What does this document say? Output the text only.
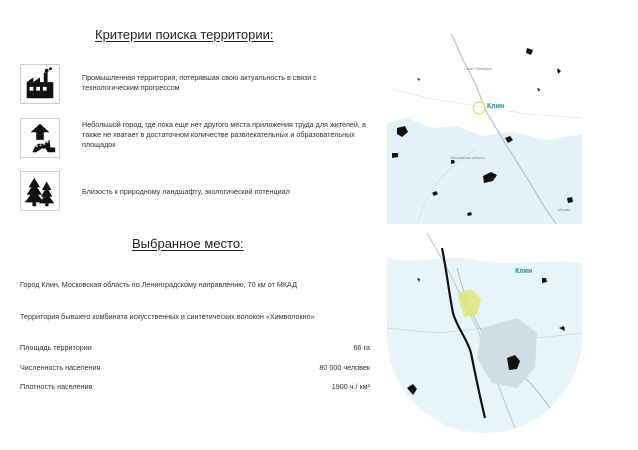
Критерии поиска территории:
Промышленная территория, потерявшая свою актуальность в связи с технологическим прогрессом
Небольшой город, где пока еще нет другого места приложения труда для жителей, а также не хватает в достаточном количестве развлекательных и образовательных площадок
Близость к природному ландшафту, экологический потенциал
Выбранное место:
Город Клин, Московская область по Ленинградскому направлению, 70 км от МКАД
Территория бывшего комбината искусственных и синтетических волокон «Химволокно»
Площадь территории	66 га
Численность населения	80 000 человек
Плотность населения	1900 ч./ км²
Клин
Санкт-Петербург
Московская область
Москва
Клин
